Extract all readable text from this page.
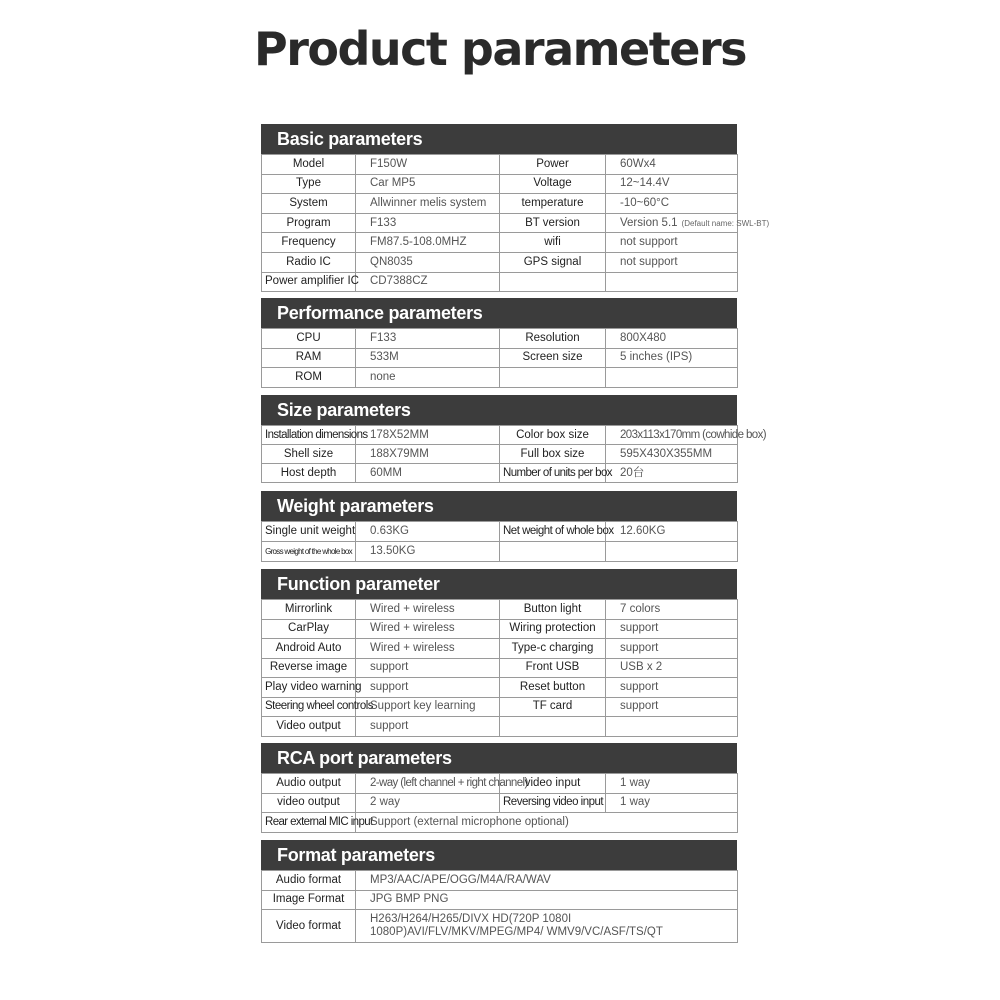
Product parameters
Basic parameters
Model	F150W	Power	60Wx4
Type	Car MP5	Voltage	12~14.4V
System	Allwinner melis system	temperature	-10~60°C
Program	F133	BT version	Version 5.1 (Default name: SWL-BT)
Frequency	FM87.5-108.0MHZ	wifi	not support
Radio IC	QN8035	GPS signal	not support
Power amplifier IC	CD7388CZ		
Performance parameters
CPU	F133	Resolution	800X480
RAM	533M	Screen size	5 inches (IPS)
ROM	none		
Size parameters
Installation dimensions	178X52MM	Color box size	203x113x170mm (cowhide box)
Shell size	188X79MM	Full box size	595X430X355MM
Host depth	60MM	Number of units per box	20台
Weight parameters
Single unit weight	0.63KG	Net weight of whole box	12.60KG
Gross weight of the whole box	13.50KG		
Function parameter
Mirrorlink	Wired + wireless	Button light	7 colors
CarPlay	Wired + wireless	Wiring protection	support
Android Auto	Wired + wireless	Type-c charging	support
Reverse image	support	Front USB	USB x 2
Play video warning	support	Reset button	support
Steering wheel controls	Support key learning	TF card	support
Video output	support		
RCA port parameters
Audio output	2-way (left channel + right channel)	video input	1 way
video output	2 way	Reversing video input	1 way
Rear external MIC input	Support (external microphone optional)		
Format parameters
Audio format	MP3/AAC/APE/OGG/M4A/RA/WAV
Image Format	JPG BMP PNG
Video format	H263/H264/H265/DIVX HD(720P 1080I 1080P)AVI/FLV/MKV/MPEG/MP4/ WMV9/VC/ASF/TS/QT
